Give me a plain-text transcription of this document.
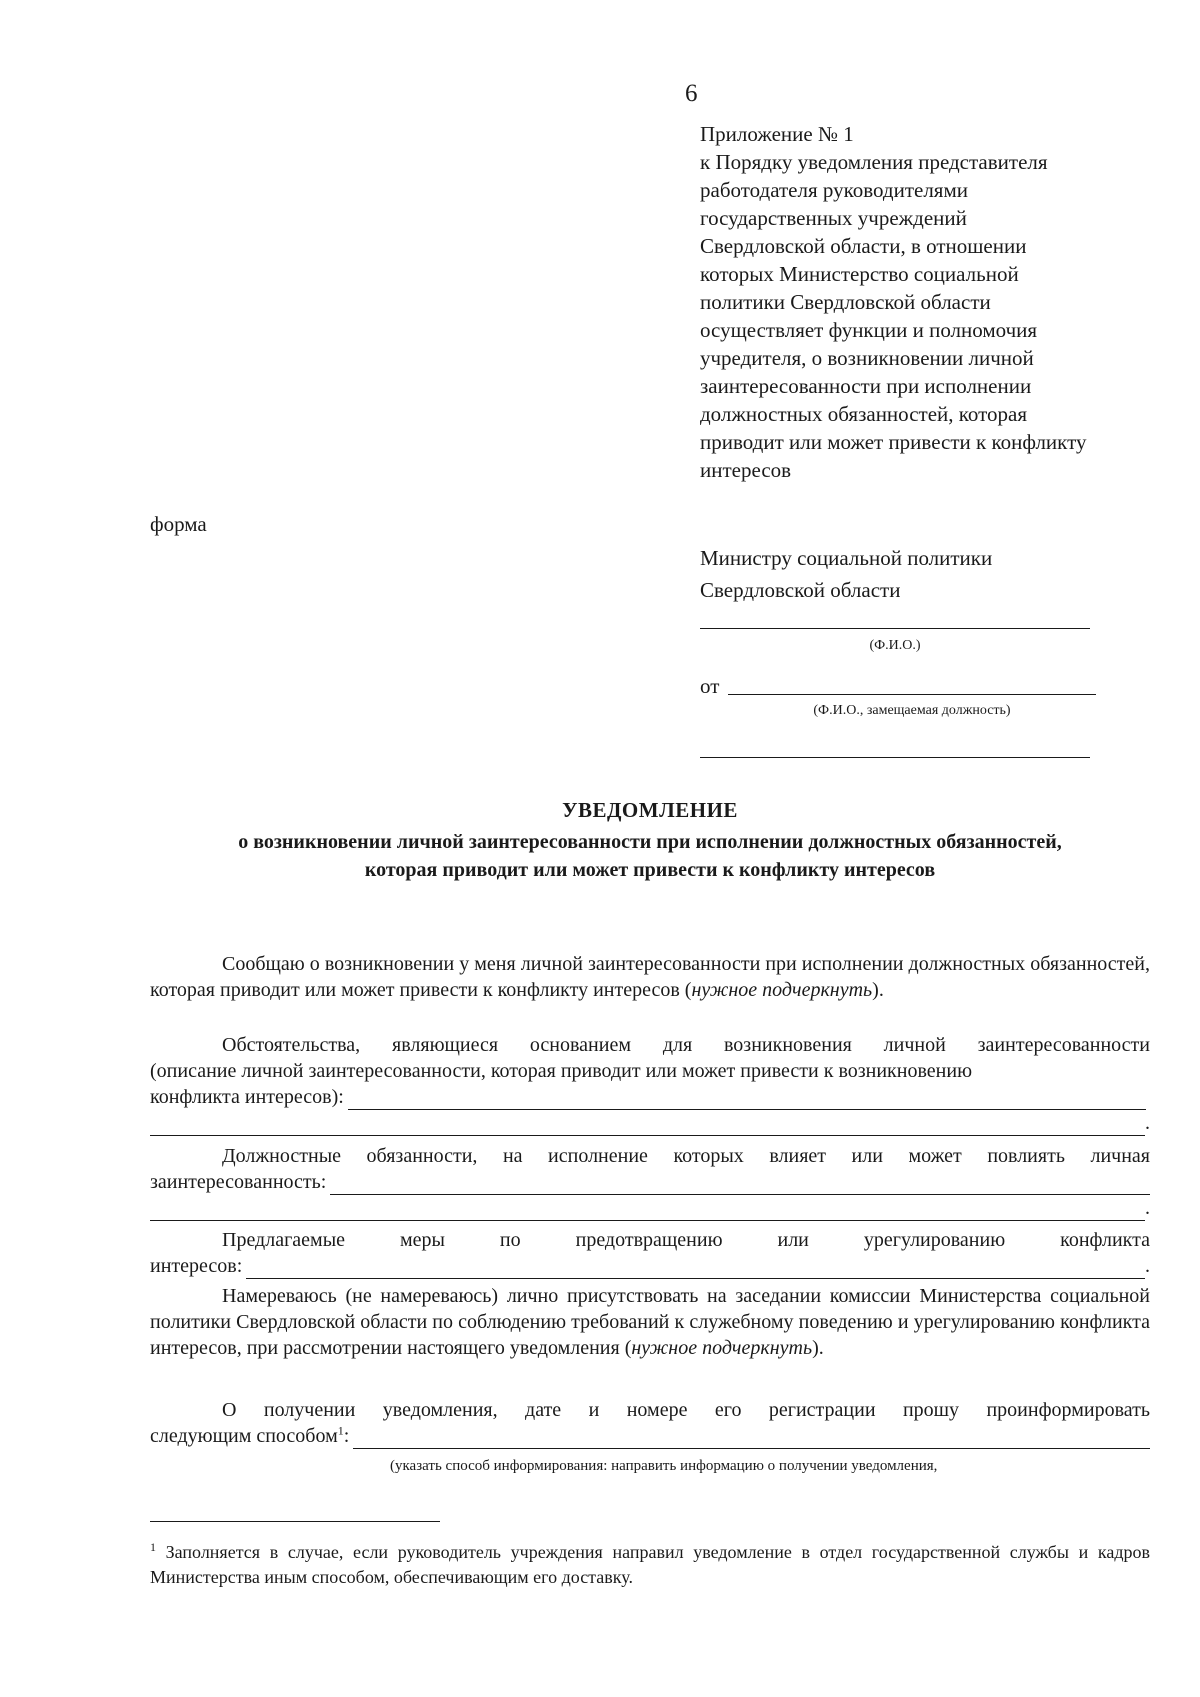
6
Приложение № 1
к Порядку уведомления представителя
работодателя руководителями
государственных учреждений
Свердловской области, в отношении
которых Министерство социальной
политики Свердловской области
осуществляет функции и полномочия
учредителя, о возникновении личной
заинтересованности при исполнении
должностных обязанностей, которая
приводит или может привести к конфликту
интересов
форма
Министру социальной политики
Свердловской области
(Ф.И.О.)
от
(Ф.И.О., замещаемая должность)
УВЕДОМЛЕНИЕ
о возникновении личной заинтересованности при исполнении должностных обязанностей,
которая приводит или может привести к конфликту интересов
Сообщаю о возникновении у меня личной заинтересованности при исполнении должностных обязанностей, которая приводит или может привести к конфликту интересов (нужное подчеркнуть).
Обстоятельства, являющиеся основанием для возникновения личной заинтересованности
(описание личной заинтересованности, которая приводит или может привести к возникновению
конфликта интересов):
.
Должностные обязанности, на исполнение которых влияет или может повлиять личная
заинтересованность:
.
Предлагаемые меры по предотвращению или урегулированию конфликта
интересов:	.
Намереваюсь (не намереваюсь) лично присутствовать на заседании комиссии Министерства социальной политики Свердловской области по соблюдению требований к служебному поведению и урегулированию конфликта интересов, при рассмотрении настоящего уведомления (нужное подчеркнуть).
О получении уведомления, дате и номере его регистрации прошу проинформировать
следующим способом$^1$:
(указать способ информирования: направить информацию о получении уведомления,
$^1$ Заполняется в случае, если руководитель учреждения направил уведомление в отдел государственной службы и кадров Министерства иным способом, обеспечивающим его доставку.
